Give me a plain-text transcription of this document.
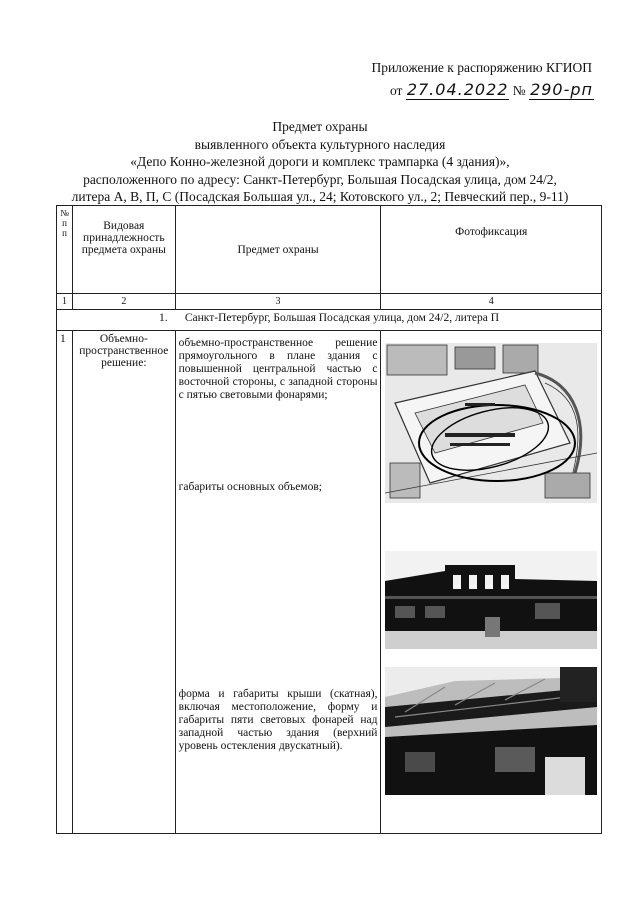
Приложение к распоряжению КГИОП
от 27.04.2022 № 290-рп
Предмет охраны
выявленного объекта культурного наследия
«Депо Конно-железной дороги и комплекс трампарка (4 здания)»,
расположенного по адресу: Санкт-Петербург, Большая Посадская улица, дом 24/2,
литера А, В, П, С (Посадская Большая ул., 24; Котовского ул., 2; Певческий пер., 9-11)
№ п п	Видовая принадлежность предмета охраны	Предмет охраны	Фотофиксация
1	2	3	4
1. Санкт-Петербург, Большая Посадская улица, дом 24/2, литера П			
1	Объемно-пространственное решение:	объемно-пространственное решение прямоугольного в плане здания с повышенной центральной частью с восточной стороны, с западной стороны с пятью световыми фонарями;
габариты основных объемов;
форма и габариты крыши (скатная), включая местоположение, форму и габариты пяти световых фонарей над западной частью здания (верхний уровень остекления двускатный).
